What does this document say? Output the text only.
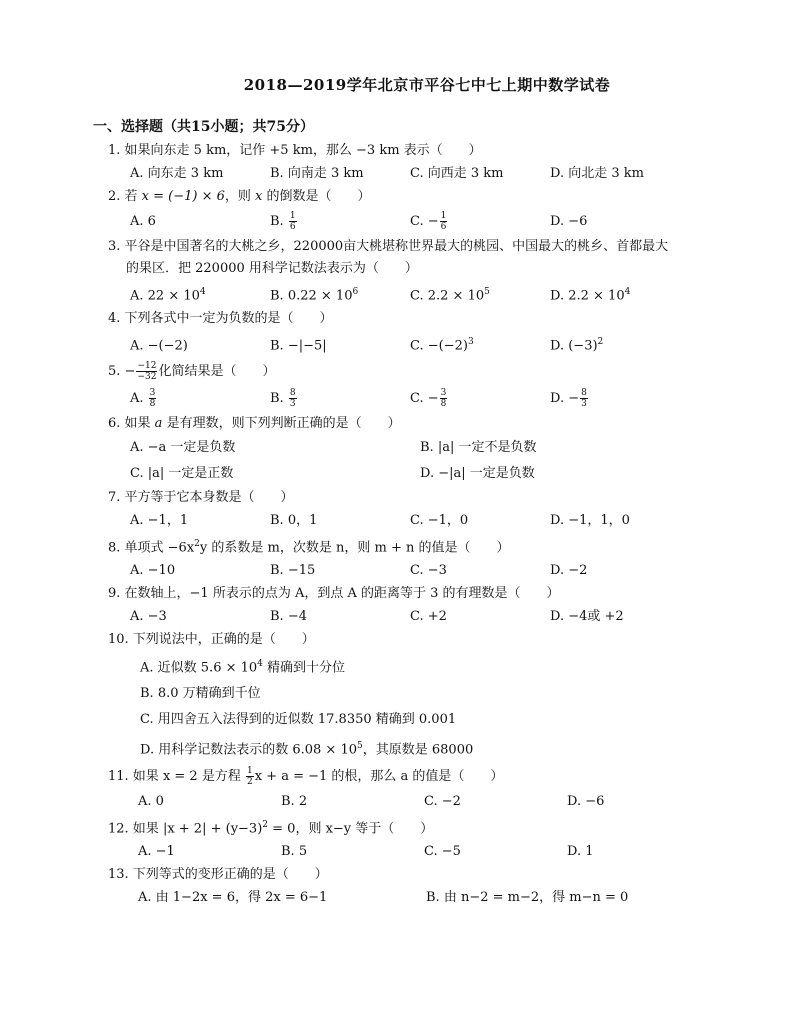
2018—2019学年北京市平谷七中七上期中数学试卷
一、选择题（共15小题；共75分）
1. 如果向东走 5 km，记作 +5 km，那么 −3 km 表示（　　）
A. 向东走 3 km	B. 向南走 3 km	C. 向西走 3 km	D. 向北走 3 km
2. 若 x = (−1) × 6，则 x 的倒数是（　　）
A. 6	B. $\frac{1}{6}$	C. − $\frac{1}{6}$	D. −6
3. 平谷是中国著名的大桃之乡，220000亩大桃堪称世界最大的桃园、中国最大的桃乡、首都最大
的果区．把 220000 用科学记数法表示为（　　）
A. $22 \times 10^4$	B. $0.22 \times 10^6$	C. $2.2 \times 10^5$	D. $2.2 \times 10^4$
4. 下列各式中一定为负数的是（　　）
A. −(−2)	B. −|−5|	C. $-(-2)^3$	D. $(-3)^2$
5. − $\frac{-12}{-32}$ 化简结果是（　　）
A. $\frac{3}{8}$	B. $\frac{8}{3}$	C. − $\frac{3}{8}$	D. − $\frac{8}{3}$
6. 如果 a 是有理数，则下列判断正确的是（　　）
A. −a 一定是负数	B. |a| 一定不是负数
C. |a| 一定是正数	D. −|a| 一定是负数
7. 平方等于它本身数是（　　）
A. −1，1	B. 0，1	C. −1，0	D. −1，1，0
8. 单项式 $-6x^2y$ 的系数是 m，次数是 n，则 m + n 的值是（　　）
A. −10	B. −15	C. −3	D. −2
9. 在数轴上，−1 所表示的点为 A，到点 A 的距离等于 3 的有理数是（　　）
A. −3	B. −4	C. +2	D. −4或 +2
10. 下列说法中，正确的是（　　）
A. 近似数 $5.6 \times 10^4$ 精确到十分位
B. 8.0 万精确到千位
C. 用四舍五入法得到的近似数 17.8350 精确到 0.001
D. 用科学记数法表示的数 $6.08 \times 10^5$，其原数是 68000
11. 如果 x = 2 是方程 $\frac{1}{2}$ x + a = −1 的根，那么 a 的值是（　　）
A. 0	B. 2	C. −2	D. −6
12. 如果 $|x + 2| + (y-3)^2 = 0$，则 x−y 等于（　　）
A. −1	B. 5	C. −5	D. 1
13. 下列等式的变形正确的是（　　）
A. 由 1−2x = 6，得 2x = 6−1	B. 由 n−2 = m−2，得 m−n = 0
